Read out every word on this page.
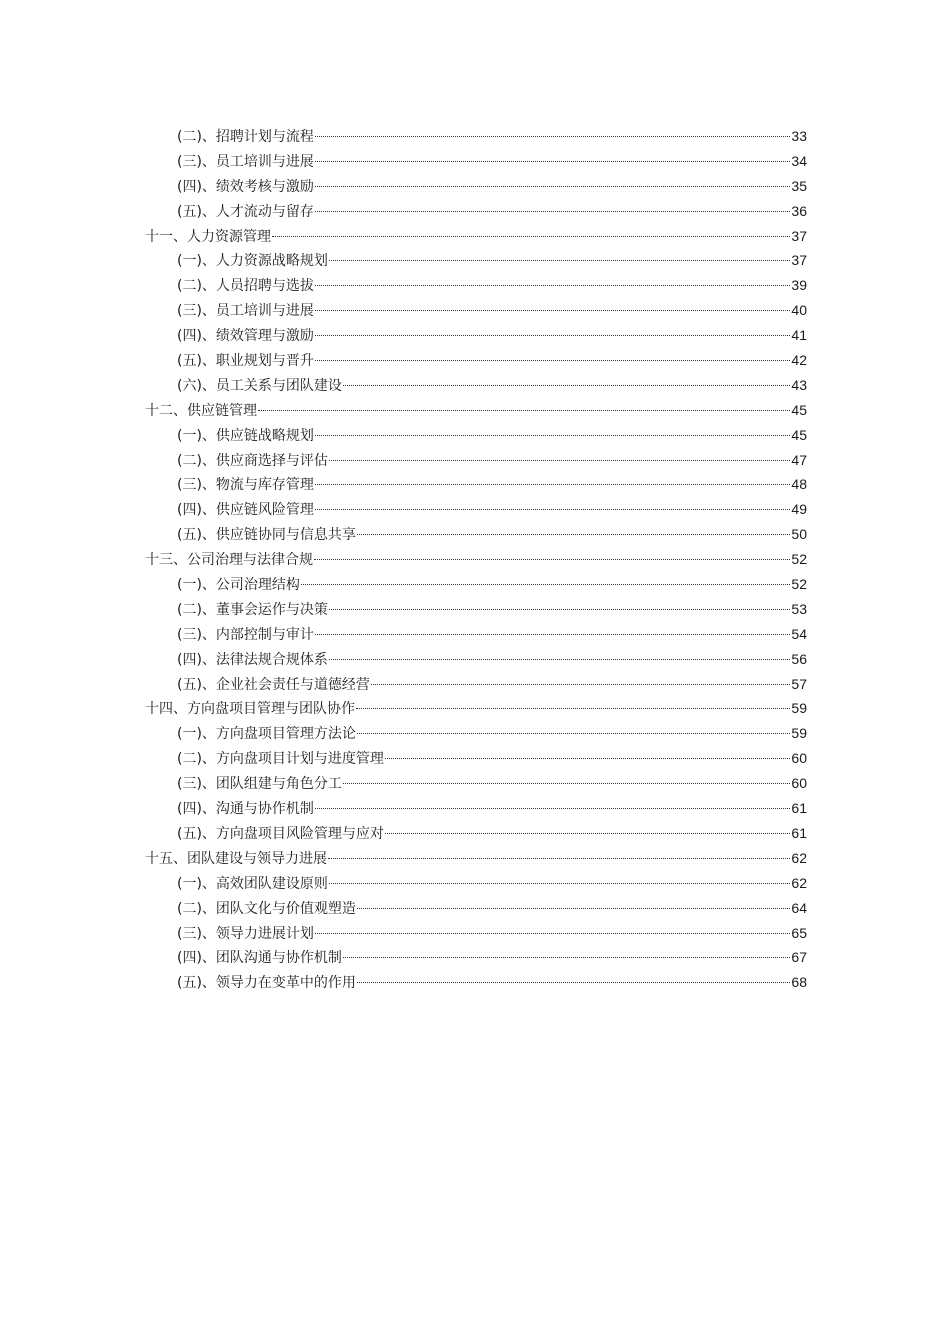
(二)、招聘计划与流程	33
(三)、员工培训与进展	34
(四)、绩效考核与激励	35
(五)、人才流动与留存	36
十一、人力资源管理	37
(一)、人力资源战略规划	37
(二)、人员招聘与选拔	39
(三)、员工培训与进展	40
(四)、绩效管理与激励	41
(五)、职业规划与晋升	42
(六)、员工关系与团队建设	43
十二、供应链管理	45
(一)、供应链战略规划	45
(二)、供应商选择与评估	47
(三)、物流与库存管理	48
(四)、供应链风险管理	49
(五)、供应链协同与信息共享	50
十三、公司治理与法律合规	52
(一)、公司治理结构	52
(二)、董事会运作与决策	53
(三)、内部控制与审计	54
(四)、法律法规合规体系	56
(五)、企业社会责任与道德经营	57
十四、方向盘项目管理与团队协作	59
(一)、方向盘项目管理方法论	59
(二)、方向盘项目计划与进度管理	60
(三)、团队组建与角色分工	60
(四)、沟通与协作机制	61
(五)、方向盘项目风险管理与应对	61
十五、团队建设与领导力进展	62
(一)、高效团队建设原则	62
(二)、团队文化与价值观塑造	64
(三)、领导力进展计划	65
(四)、团队沟通与协作机制	67
(五)、领导力在变革中的作用	68
